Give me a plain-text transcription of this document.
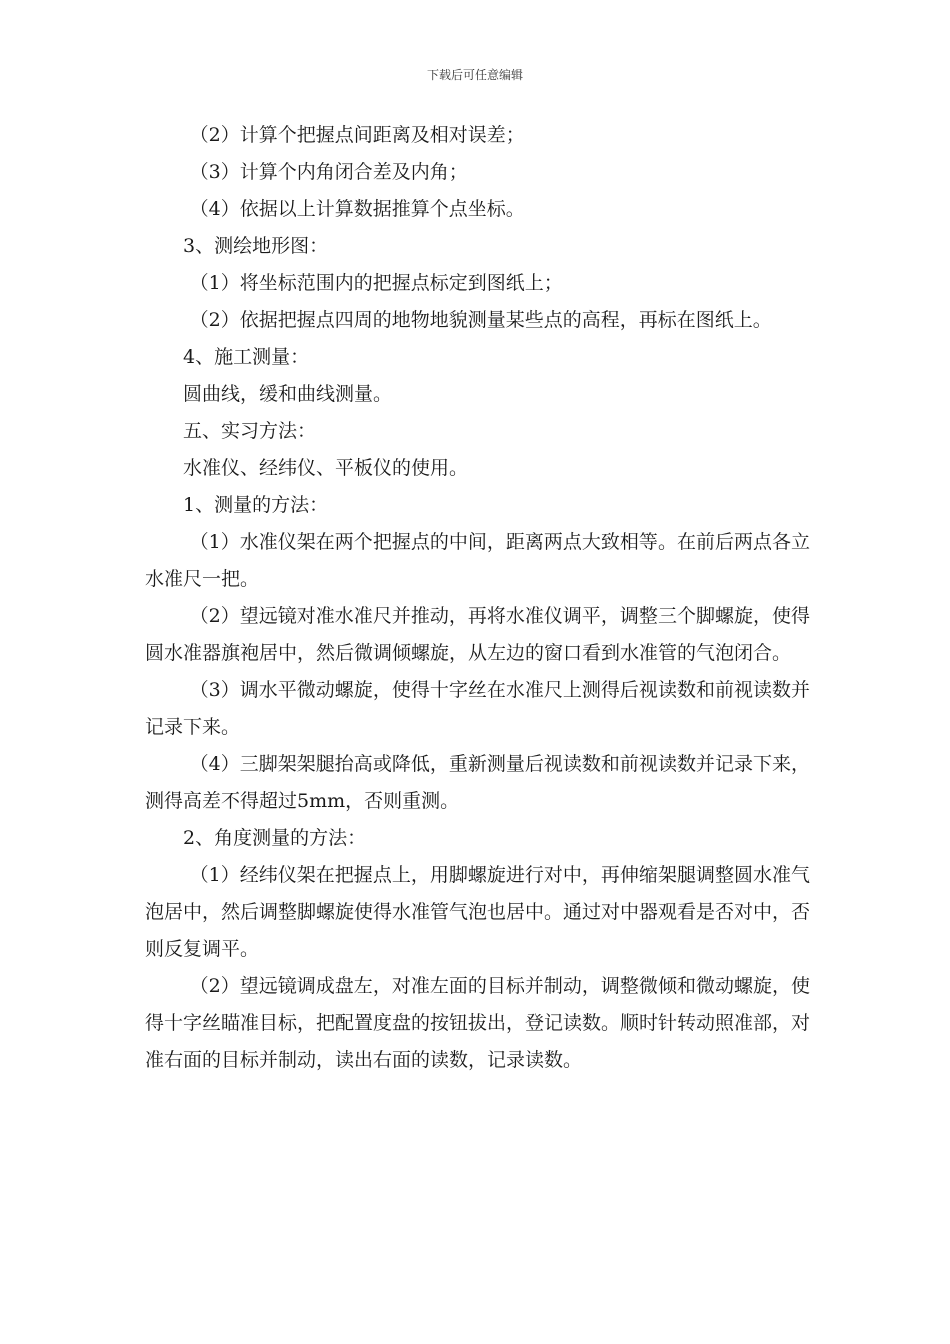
下载后可任意编辑

（2）计算个把握点间距离及相对误差；

（3）计算个内角闭合差及内角；

（4）依据以上计算数据推算个点坐标。

3、测绘地形图：

（1）将坐标范围内的把握点标定到图纸上；

（2）依据把握点四周的地物地貌测量某些点的高程，再标在图纸上。

4、施工测量：

圆曲线，缓和曲线测量。

五、实习方法：

水准仪、经纬仪、平板仪的使用。

1、测量的方法：

（1）水准仪架在两个把握点的中间，距离两点大致相等。在前后两点各立水准尺一把。

（2）望远镜对准水准尺并推动，再将水准仪调平，调整三个脚螺旋，使得圆水准器旗袍居中，然后微调倾螺旋，从左边的窗口看到水准管的气泡闭合。

（3）调水平微动螺旋，使得十字丝在水准尺上测得后视读数和前视读数并记录下来。

（4）三脚架架腿抬高或降低，重新测量后视读数和前视读数并记录下来，测得高差不得超过5mm，否则重测。

2、角度测量的方法：

（1）经纬仪架在把握点上，用脚螺旋进行对中，再伸缩架腿调整圆水准气泡居中，然后调整脚螺旋使得水准管气泡也居中。通过对中器观看是否对中，否则反复调平。

（2）望远镜调成盘左，对准左面的目标并制动，调整微倾和微动螺旋，使得十字丝瞄准目标，把配置度盘的按钮拔出，登记读数。顺时针转动照准部，对准右面的目标并制动，读出右面的读数，记录读数。
